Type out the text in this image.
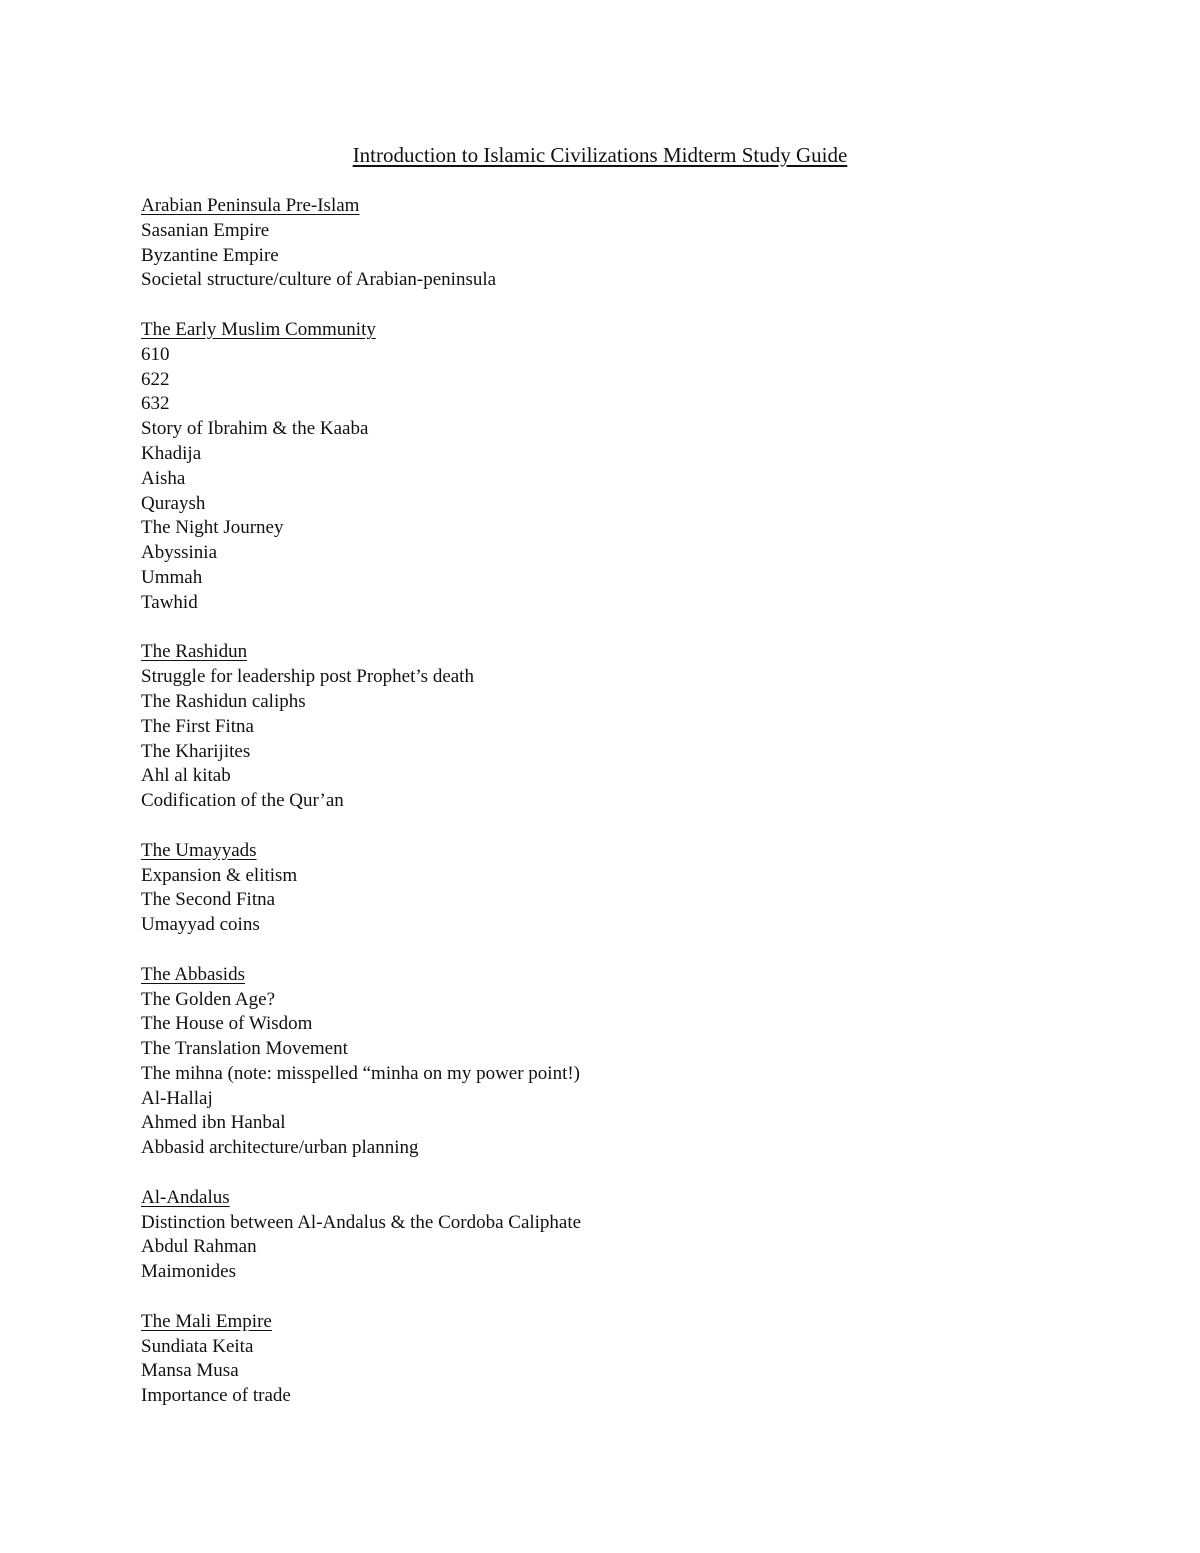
Introduction to Islamic Civilizations Midterm Study Guide
Arabian Peninsula Pre-Islam
Sasanian Empire
Byzantine Empire
Societal structure/culture of Arabian-peninsula
The Early Muslim Community
610
622
632
Story of Ibrahim & the Kaaba
Khadija
Aisha
Quraysh
The Night Journey
Abyssinia
Ummah
Tawhid
The Rashidun
Struggle for leadership post Prophet’s death
The Rashidun caliphs
The First Fitna
The Kharijites
Ahl al kitab
Codification of the Qur’an
The Umayyads
Expansion & elitism
The Second Fitna
Umayyad coins
The Abbasids
The Golden Age?
The House of Wisdom
The Translation Movement
The mihna (note: misspelled “minha on my power point!)
Al-Hallaj
Ahmed ibn Hanbal
Abbasid architecture/urban planning
Al-Andalus
Distinction between Al-Andalus & the Cordoba Caliphate
Abdul Rahman
Maimonides
The Mali Empire
Sundiata Keita
Mansa Musa
Importance of trade
